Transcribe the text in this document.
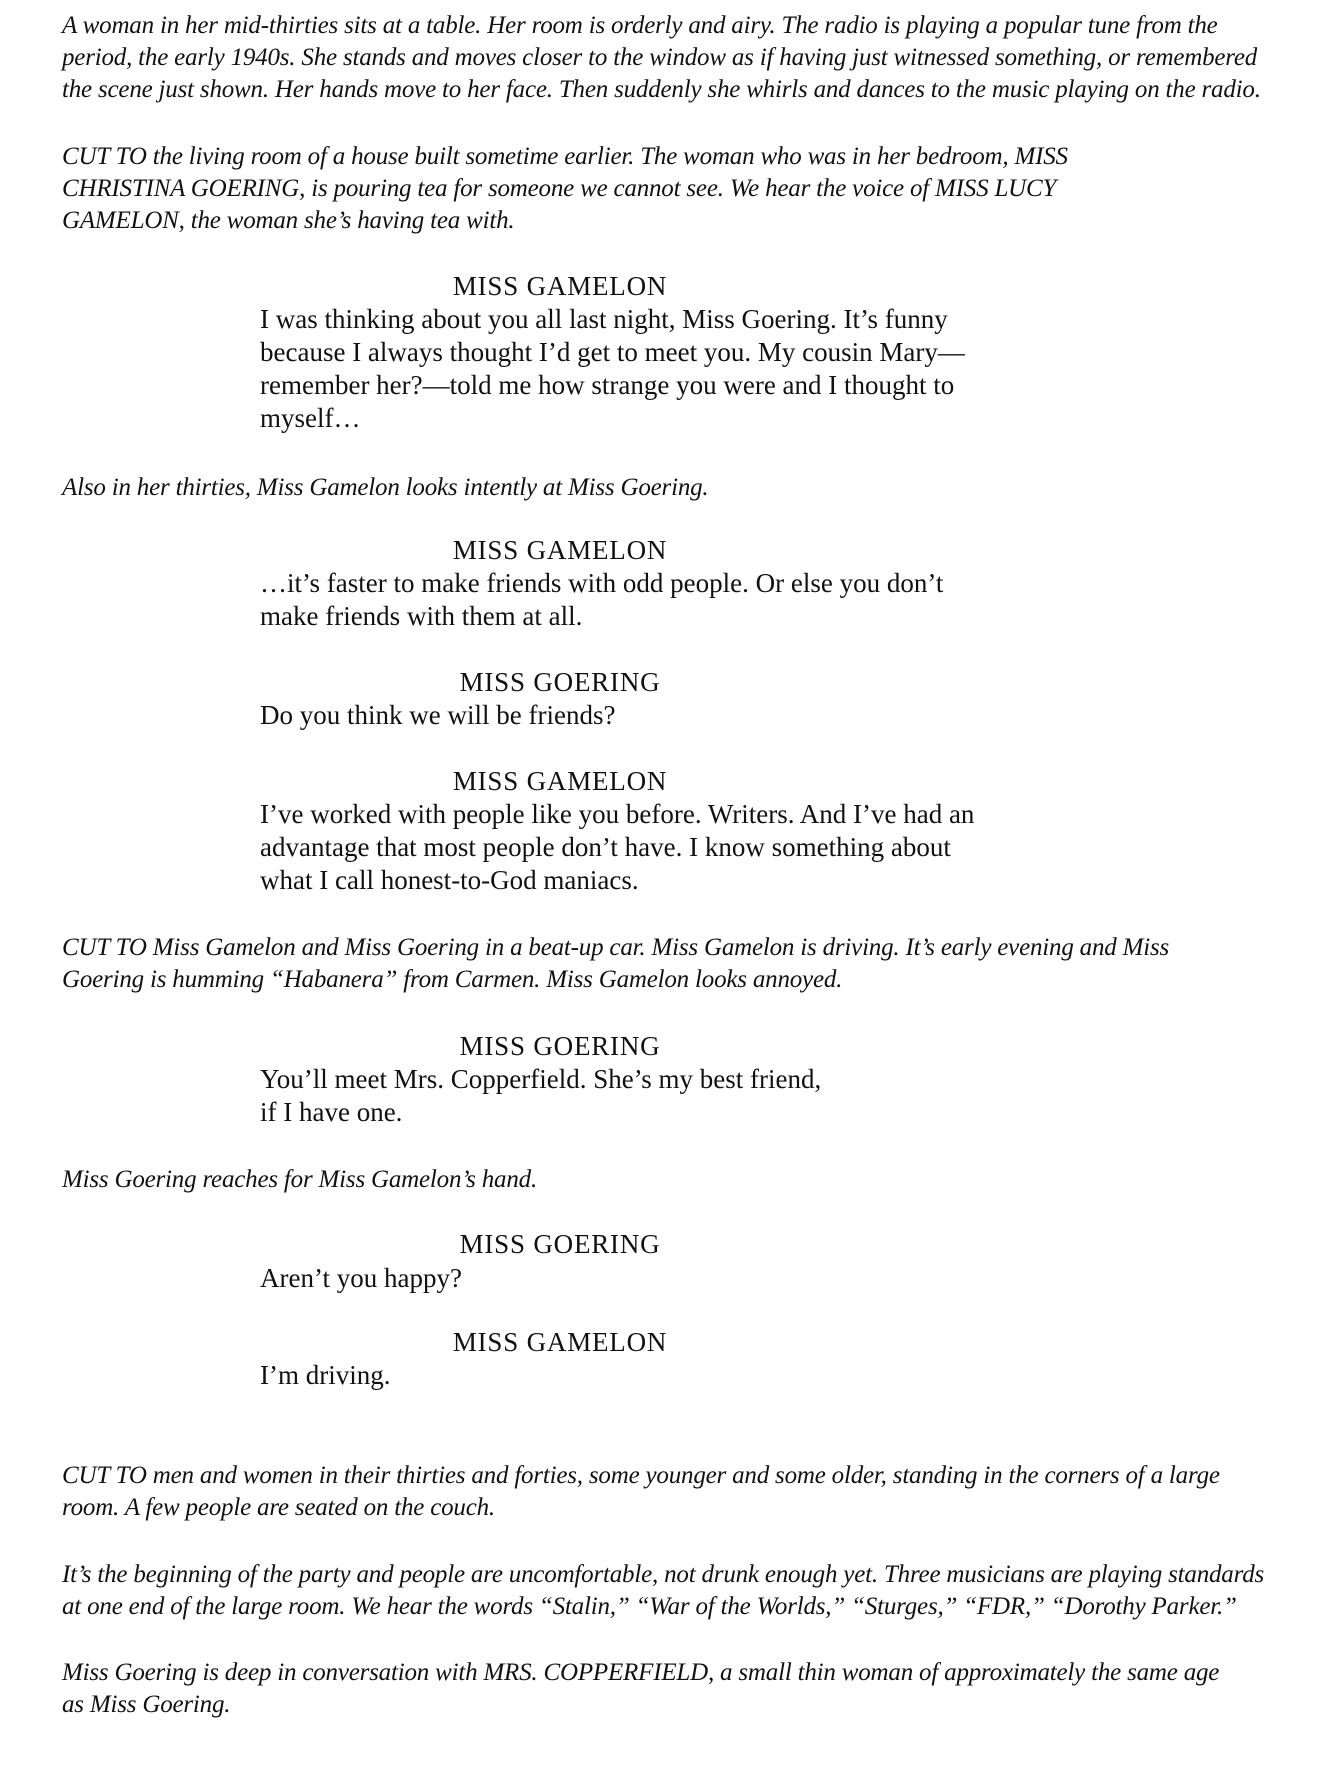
A woman in her mid-thirties sits at a table. Her room is orderly and airy. The radio is playing a popular tune from the
period, the early 1940s. She stands and moves closer to the window as if having just witnessed something, or remembered
the scene just shown. Her hands move to her face. Then suddenly she whirls and dances to the music playing on the radio.

CUT TO the living room of a house built sometime earlier. The woman who was in her bedroom, MISS
CHRISTINA GOERING, is pouring tea for someone we cannot see. We hear the voice of MISS LUCY
GAMELON, the woman she’s having tea with.

MISS GAMELON

I was thinking about you all last night, Miss Goering. It’s funny
because I always thought I’d get to meet you. My cousin Mary—
remember her?—told me how strange you were and I thought to
myself…

Also in her thirties, Miss Gamelon looks intently at Miss Goering.

MISS GAMELON

…it’s faster to make friends with odd people. Or else you don’t
make friends with them at all.

MISS GOERING

Do you think we will be friends?

MISS GAMELON

I’ve worked with people like you before. Writers. And I’ve had an
advantage that most people don’t have. I know something about
what I call honest-to-God maniacs.

CUT TO Miss Gamelon and Miss Goering in a beat-up car. Miss Gamelon is driving. It’s early evening and Miss
Goering is humming “Habanera” from Carmen. Miss Gamelon looks annoyed.

MISS GOERING

You’ll meet Mrs. Copperfield. She’s my best friend,
if I have one.

Miss Goering reaches for Miss Gamelon’s hand.

MISS GOERING

Aren’t you happy?

MISS GAMELON

I’m driving.

CUT TO men and women in their thirties and forties, some younger and some older, standing in the corners of a large
room. A few people are seated on the couch.

It’s the beginning of the party and people are uncomfortable, not drunk enough yet. Three musicians are playing standards
at one end of the large room. We hear the words “Stalin,” “War of the Worlds,” “Sturges,” “FDR,” “Dorothy Parker.”

Miss Goering is deep in conversation with MRS. COPPERFIELD, a small thin woman of approximately the same age
as Miss Goering.
